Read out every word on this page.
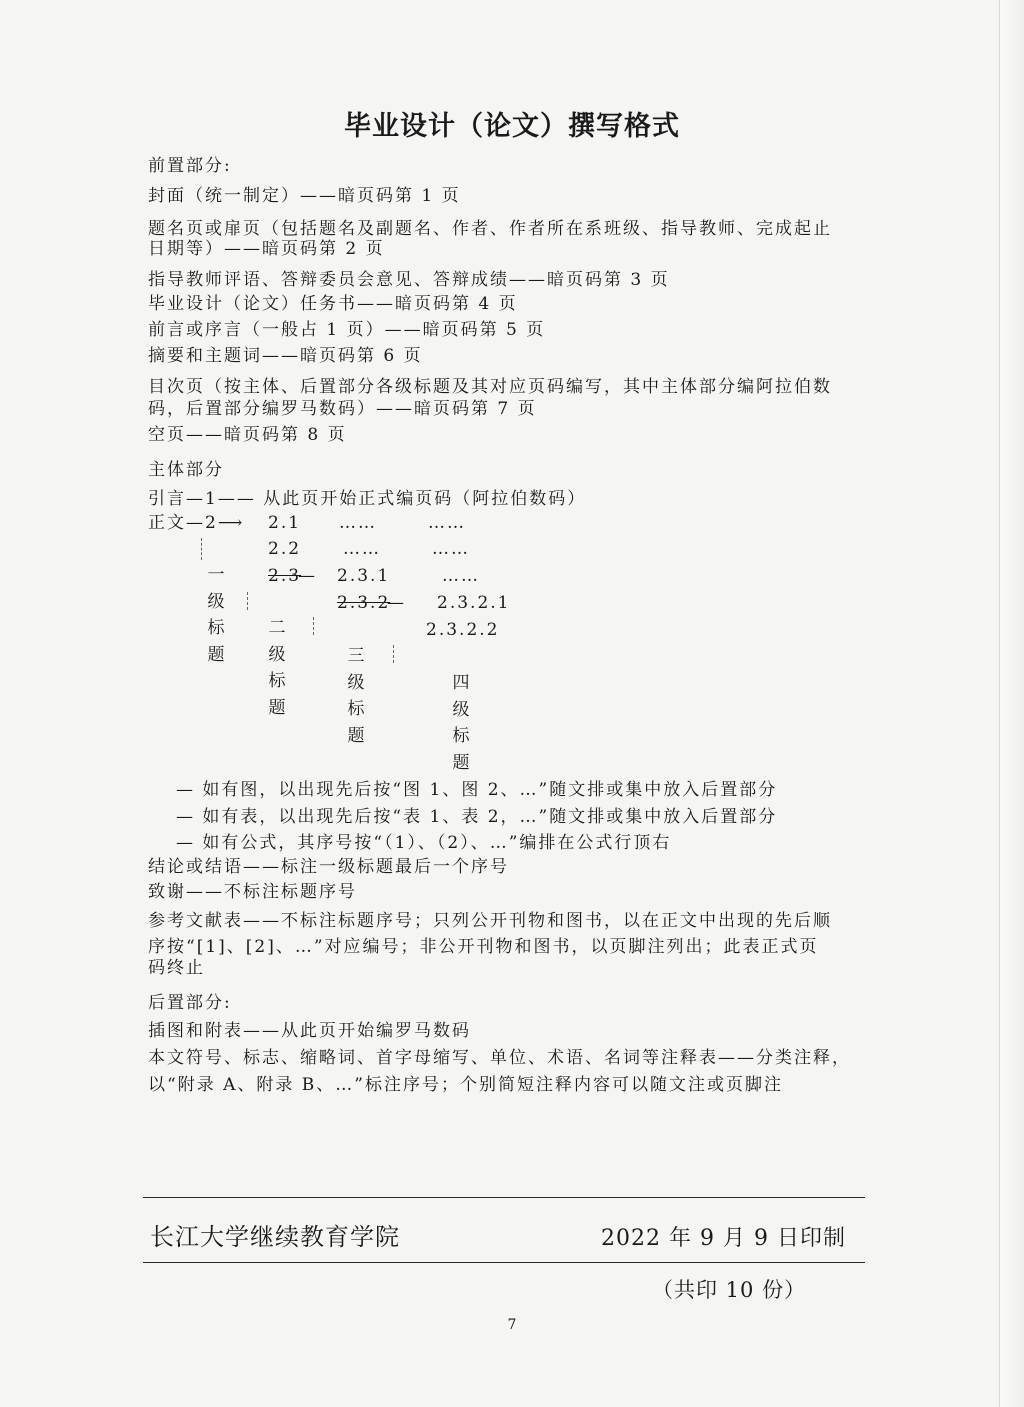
毕业设计（论文）撰写格式
前置部分:
封面（统一制定）——暗页码第 1 页
题名页或扉页（包括题名及副题名、作者、作者所在系班级、指导教师、完成起止
日期等）——暗页码第 2 页
指导教师评语、答辩委员会意见、答辩成绩——暗页码第 3 页
毕业设计（论文）任务书——暗页码第 4 页
前言或序言（一般占 1 页）——暗页码第 5 页
摘要和主题词——暗页码第 6 页
目次页（按主体、后置部分各级标题及其对应页码编写，其中主体部分编阿拉伯数
码，后置部分编罗马数码）——暗页码第 7 页
空页——暗页码第 8 页
主体部分
引言—1—— 从此页开始正式编页码（阿拉伯数码）
正文—2⟶ 2.1 ……	……
2.2 ……	……
2.3
— 2.3.1	……
2.3.2
— 2.3.2.1
2.3.2.2
一
级
标
题
二
级
标
题
三
级
标
题
四
级
标
题
— 如有图，以出现先后按“图 1、图 2、…”随文排或集中放入后置部分
— 如有表，以出现先后按“表 1、表 2，…”随文排或集中放入后置部分
— 如有公式，其序号按“（1）、（2）、…”编排在公式行顶右
结论或结语——标注一级标题最后一个序号
致谢——不标注标题序号
参考文献表——不标注标题序号；只列公开刊物和图书，以在正文中出现的先后顺
序按“[1]、[2]、…”对应编号；非公开刊物和图书，以页脚注列出；此表正式页
码终止
后置部分:
插图和附表——从此页开始编罗马数码
本文符号、标志、缩略词、首字母缩写、单位、术语、名词等注释表——分类注释，
以“附录 A、附录 B、…”标注序号；个别简短注释内容可以随文注或页脚注
长江大学继续教育学院	2022 年 9 月 9 日印制
（共印 10 份）
7
